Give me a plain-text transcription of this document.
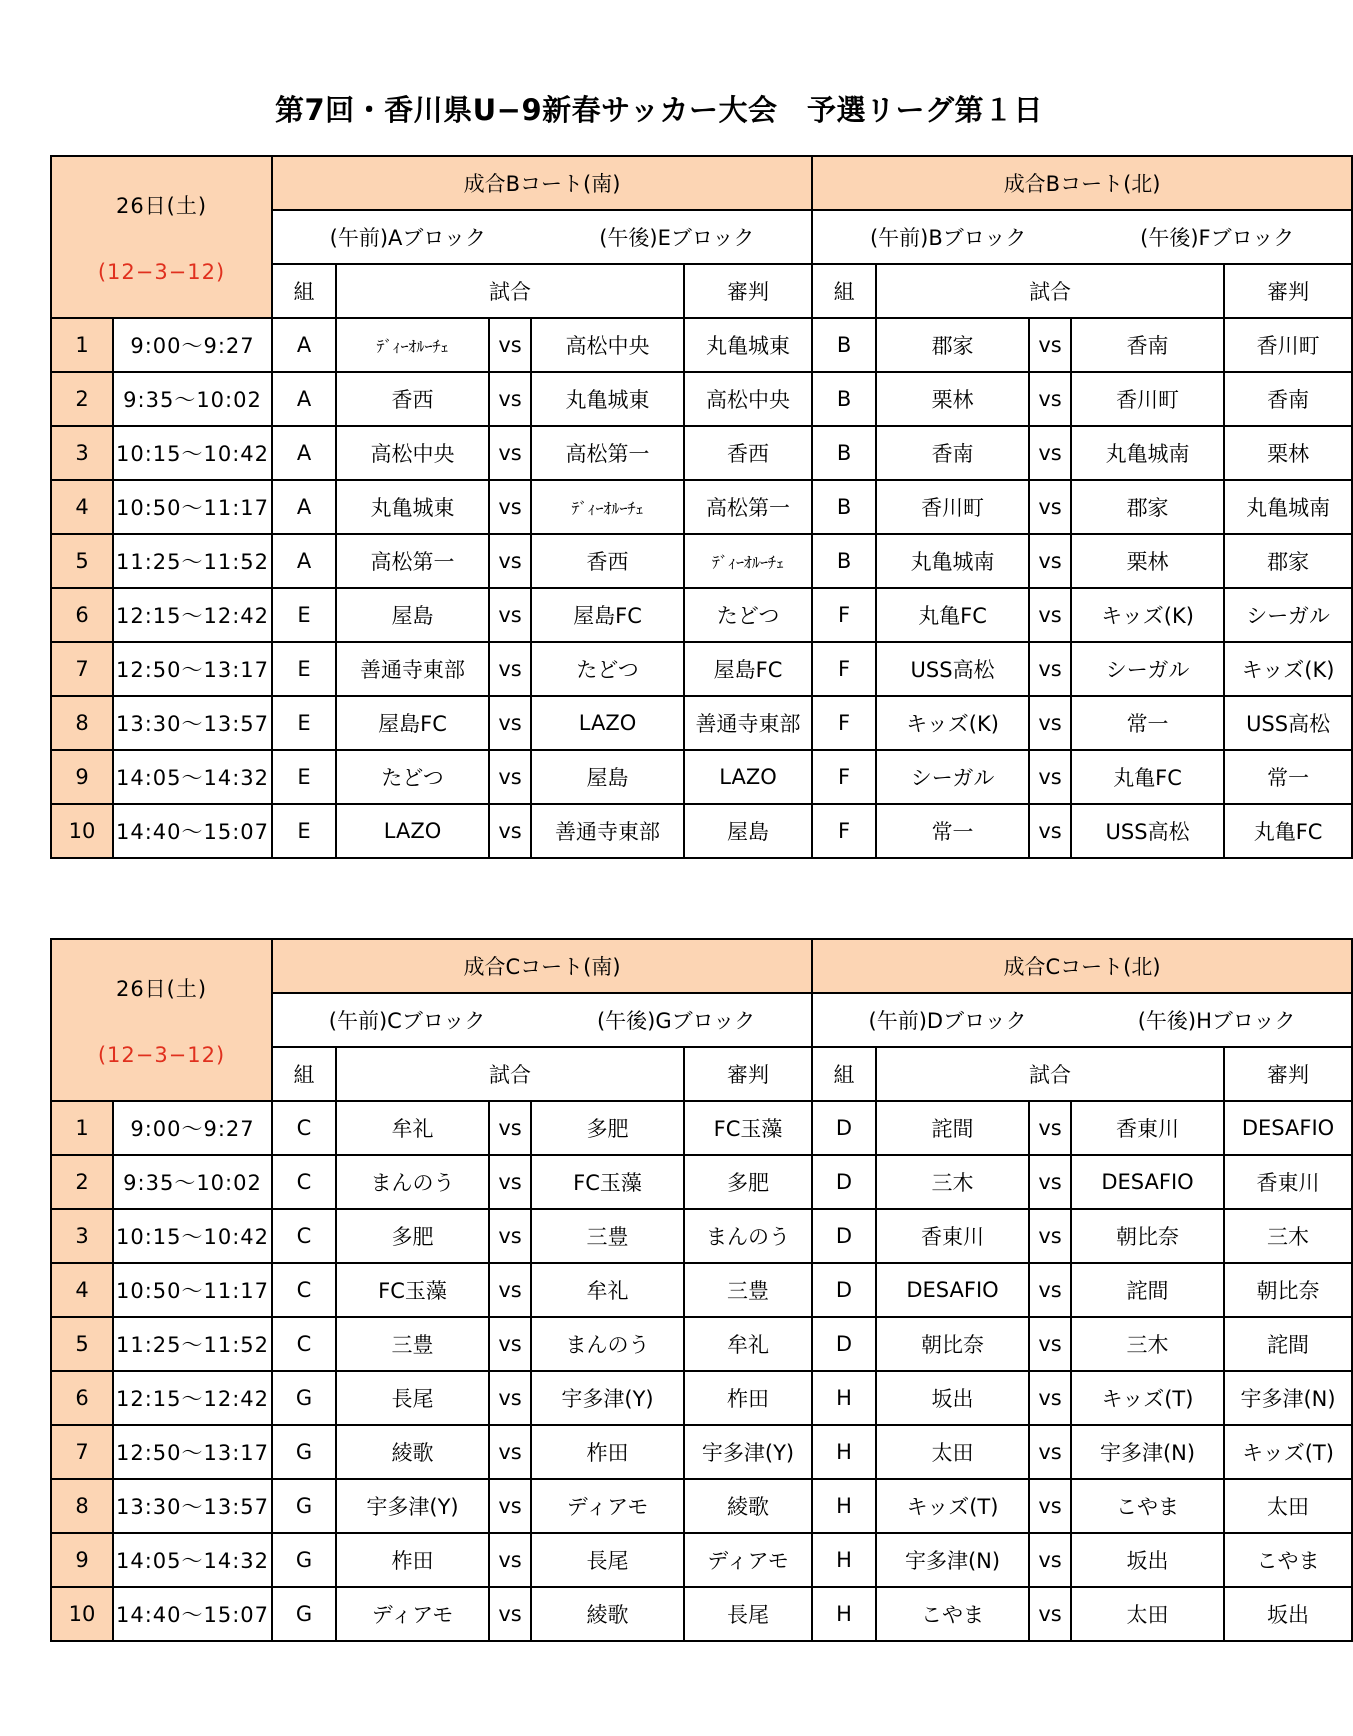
第7回・香川県U−9新春サッカー大会　予選リーグ第１日
26日(土)
(12−3−12)		成合Bコート(南)					成合Bコート(北)				

		(午前)Aブロック (午後)Eブロック					(午前)Bブロック (午後)Fブロック				

		組	試合			審判	組	試合			審判
1	9:00〜9:27	A	ﾃﾞｨｰｵﾙｰﾁｪ	vs	高松中央	丸亀城東	B	郡家	vs	香南	香川町
2	9:35〜10:02	A	香西	vs	丸亀城東	高松中央	B	栗林	vs	香川町	香南
3	10:15〜10:42	A	高松中央	vs	高松第一	香西	B	香南	vs	丸亀城南	栗林
4	10:50〜11:17	A	丸亀城東	vs	ﾃﾞｨｰｵﾙｰﾁｪ	高松第一	B	香川町	vs	郡家	丸亀城南
5	11:25〜11:52	A	高松第一	vs	香西	ﾃﾞｨｰｵﾙｰﾁｪ	B	丸亀城南	vs	栗林	郡家
6	12:15〜12:42	E	屋島	vs	屋島FC	たどつ	F	丸亀FC	vs	キッズ(K)	シーガル
7	12:50〜13:17	E	善通寺東部	vs	たどつ	屋島FC	F	USS高松	vs	シーガル	キッズ(K)
8	13:30〜13:57	E	屋島FC	vs	LAZO	善通寺東部	F	キッズ(K)	vs	常一	USS高松
9	14:05〜14:32	E	たどつ	vs	屋島	LAZO	F	シーガル	vs	丸亀FC	常一
10	14:40〜15:07	E	LAZO	vs	善通寺東部	屋島	F	常一	vs	USS高松	丸亀FC
26日(土)
(12−3−12)		成合Cコート(南)					成合Cコート(北)				

		(午前)Cブロック (午後)Gブロック					(午前)Dブロック (午後)Hブロック				

		組	試合			審判	組	試合			審判
1	9:00〜9:27	C	牟礼	vs	多肥	FC玉藻	D	詫間	vs	香東川	DESAFIO
2	9:35〜10:02	C	まんのう	vs	FC玉藻	多肥	D	三木	vs	DESAFIO	香東川
3	10:15〜10:42	C	多肥	vs	三豊	まんのう	D	香東川	vs	朝比奈	三木
4	10:50〜11:17	C	FC玉藻	vs	牟礼	三豊	D	DESAFIO	vs	詫間	朝比奈
5	11:25〜11:52	C	三豊	vs	まんのう	牟礼	D	朝比奈	vs	三木	詫間
6	12:15〜12:42	G	長尾	vs	宇多津(Y)	柞田	H	坂出	vs	キッズ(T)	宇多津(N)
7	12:50〜13:17	G	綾歌	vs	柞田	宇多津(Y)	H	太田	vs	宇多津(N)	キッズ(T)
8	13:30〜13:57	G	宇多津(Y)	vs	ディアモ	綾歌	H	キッズ(T)	vs	こやま	太田
9	14:05〜14:32	G	柞田	vs	長尾	ディアモ	H	宇多津(N)	vs	坂出	こやま
10	14:40〜15:07	G	ディアモ	vs	綾歌	長尾	H	こやま	vs	太田	坂出
